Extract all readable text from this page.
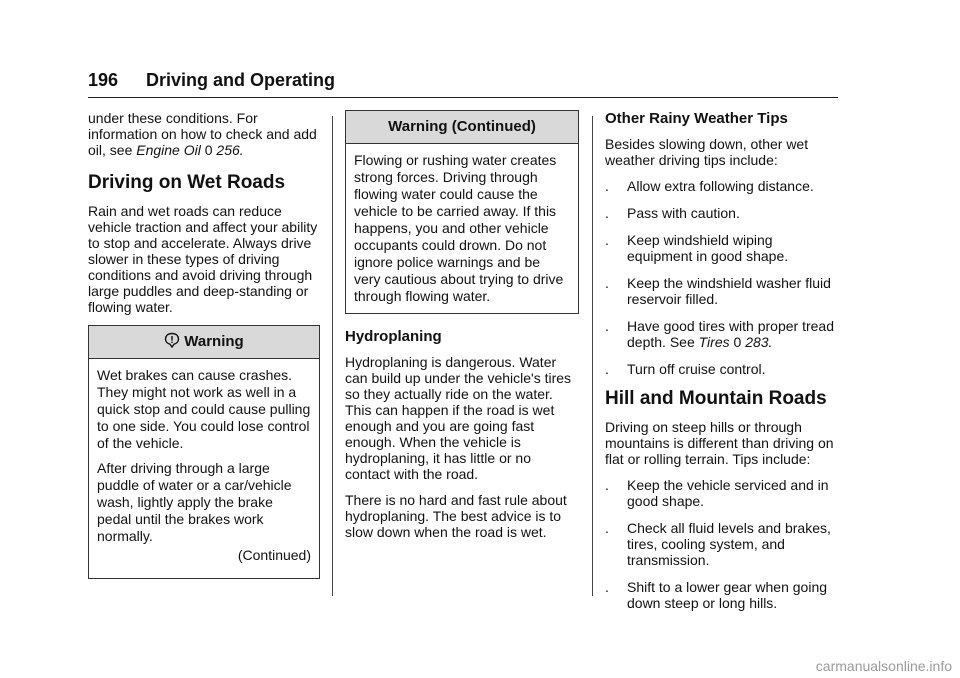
196 Driving and Operating

under these conditions. For information on how to check and add oil, see Engine Oil 0 256.

Driving on Wet Roads

Rain and wet roads can reduce vehicle traction and affect your ability to stop and accelerate. Always drive slower in these types of driving conditions and avoid driving through large puddles and deep-standing or flowing water.

Warning

Wet brakes can cause crashes. They might not work as well in a quick stop and could cause pulling to one side. You could lose control of the vehicle.

After driving through a large puddle of water or a car/vehicle wash, lightly apply the brake pedal until the brakes work normally.

(Continued)

Warning (Continued)

Flowing or rushing water creates strong forces. Driving through flowing water could cause the vehicle to be carried away. If this happens, you and other vehicle occupants could drown. Do not ignore police warnings and be very cautious about trying to drive through flowing water.

Hydroplaning

Hydroplaning is dangerous. Water can build up under the vehicle's tires so they actually ride on the water. This can happen if the road is wet enough and you are going fast enough. When the vehicle is hydroplaning, it has little or no contact with the road.

There is no hard and fast rule about hydroplaning. The best advice is to slow down when the road is wet.

Other Rainy Weather Tips

Besides slowing down, other wet weather driving tips include:

. Allow extra following distance.
. Pass with caution.
. Keep windshield wiping equipment in good shape.
. Keep the windshield washer fluid reservoir filled.
. Have good tires with proper tread depth. See Tires 0 283.
. Turn off cruise control.
Hill and Mountain Roads

Driving on steep hills or through mountains is different than driving on flat or rolling terrain. Tips include:

. Keep the vehicle serviced and in good shape.
. Check all fluid levels and brakes, tires, cooling system, and transmission.
. Shift to a lower gear when going down steep or long hills.
carmanualsonline.info
